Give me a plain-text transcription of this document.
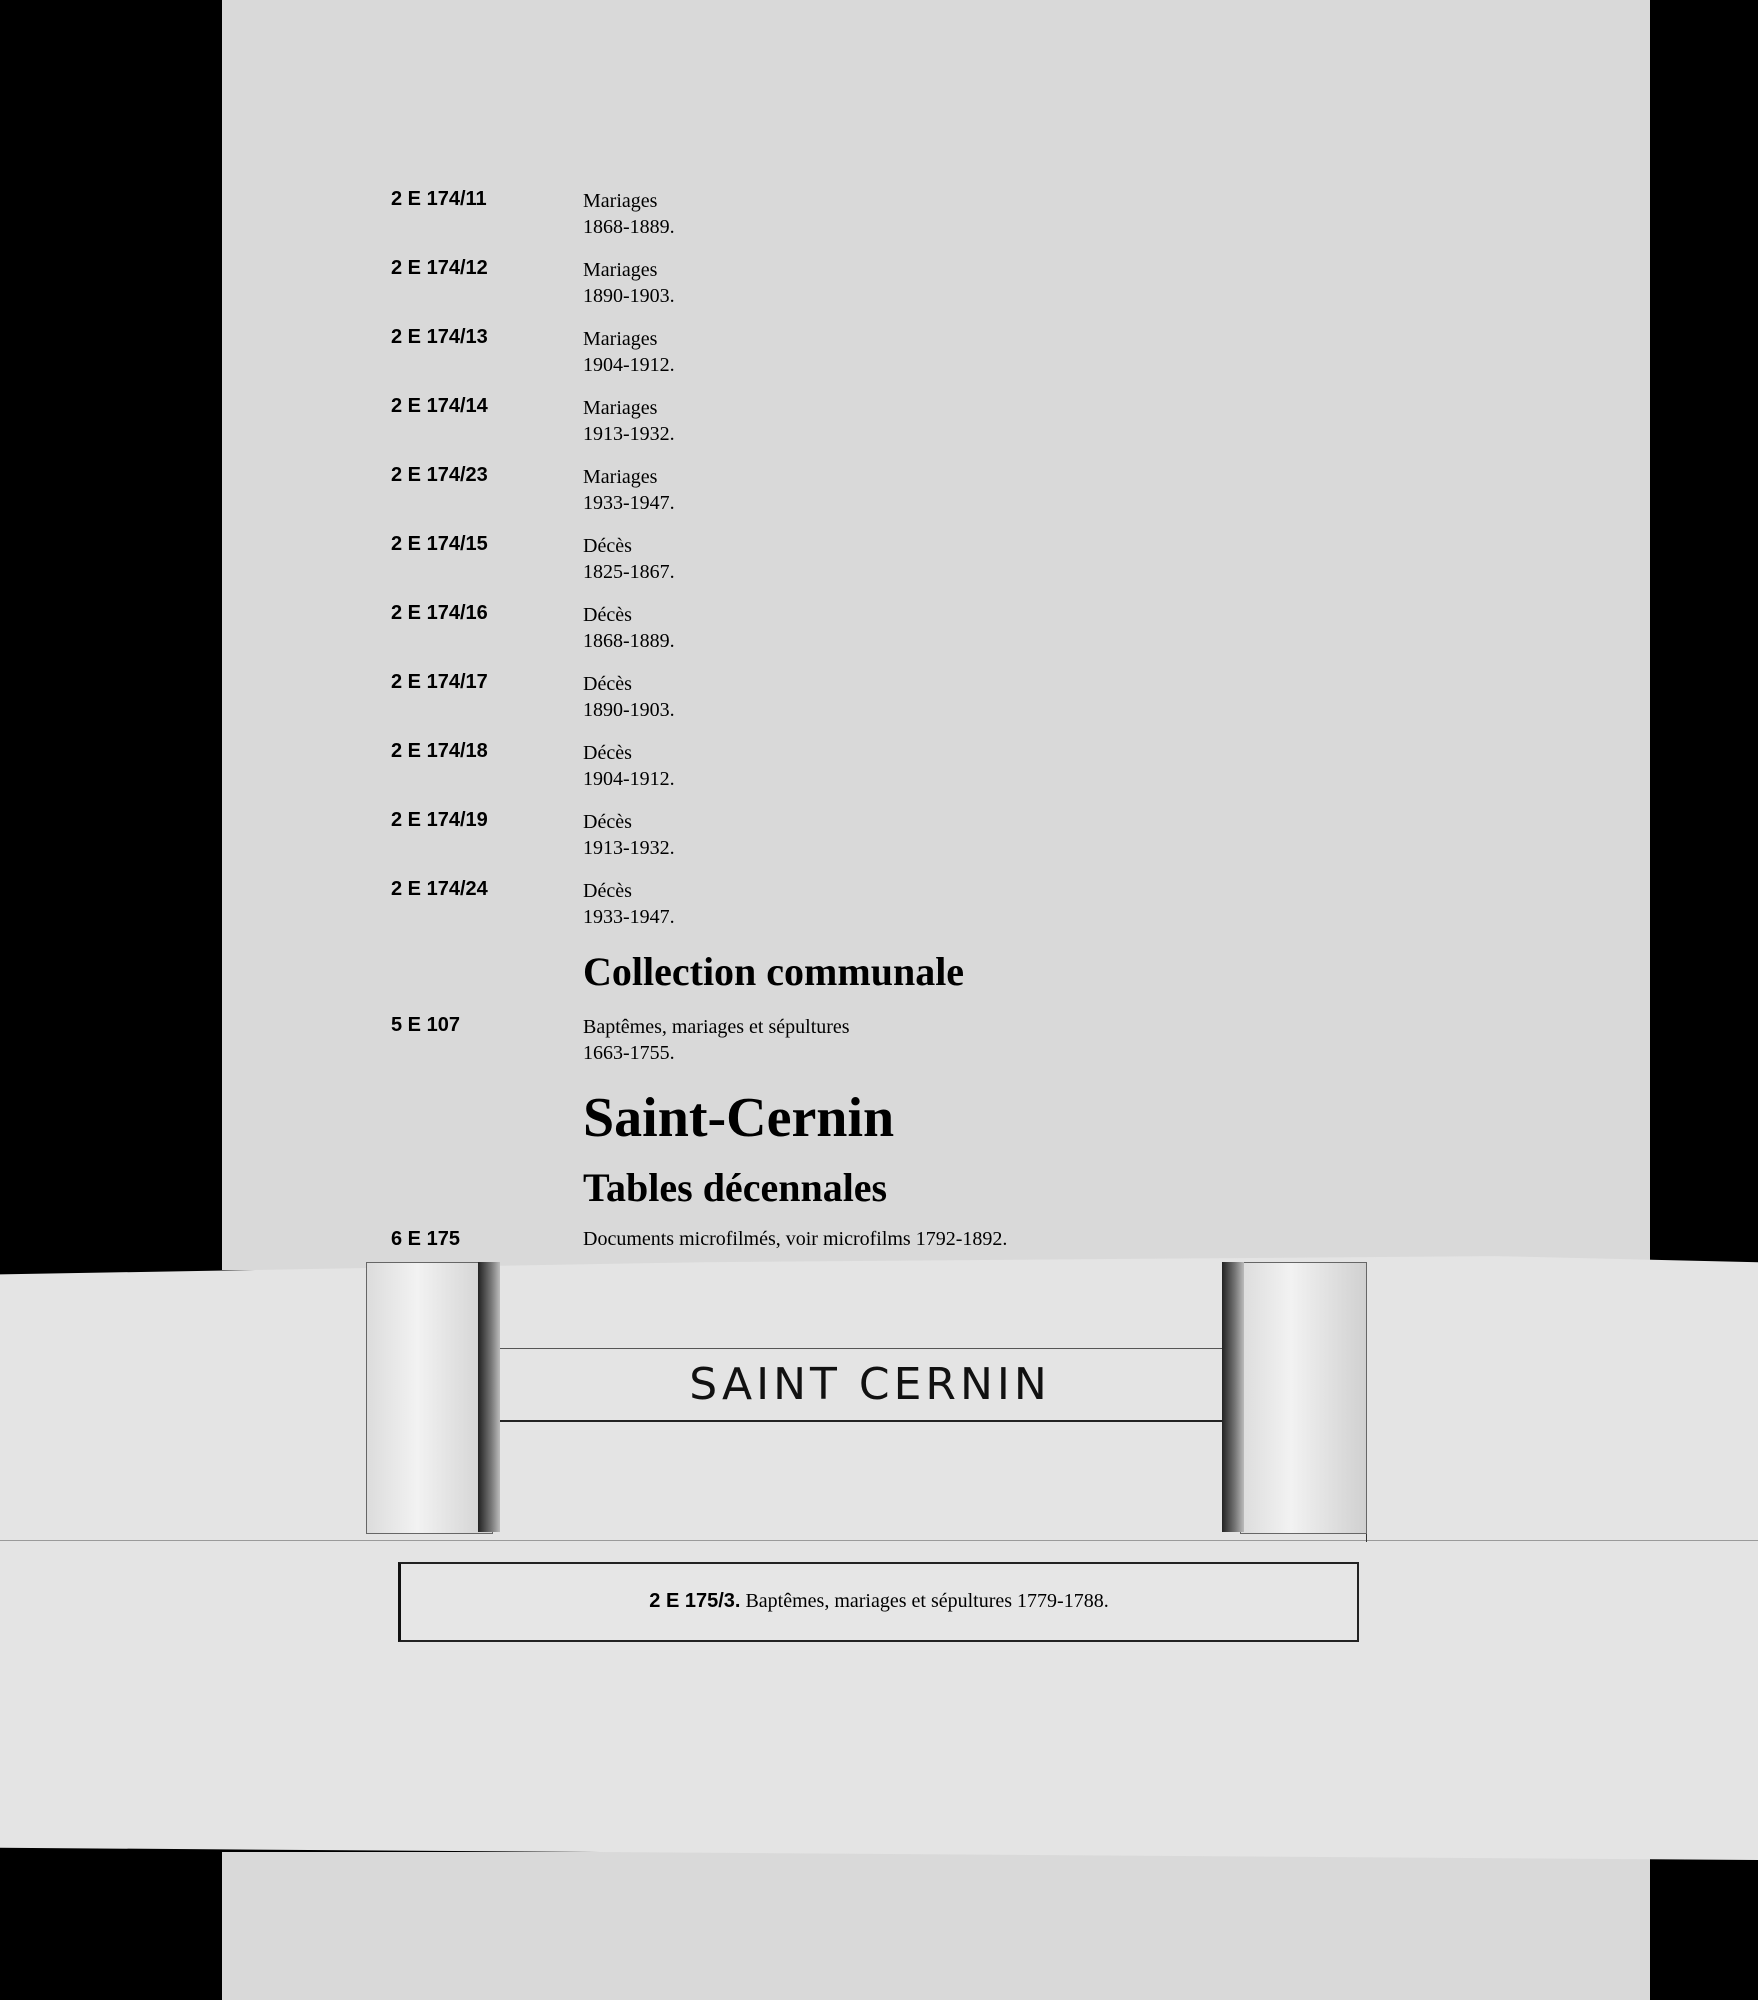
2 E 174/11	Mariages
1868-1889.
2 E 174/12	Mariages
1890-1903.
2 E 174/13	Mariages
1904-1912.
2 E 174/14	Mariages
1913-1932.
2 E 174/23	Mariages
1933-1947.
2 E 174/15	Décès
1825-1867.
2 E 174/16	Décès
1868-1889.
2 E 174/17	Décès
1890-1903.
2 E 174/18	Décès
1904-1912.
2 E 174/19	Décès
1913-1932.
2 E 174/24	Décès
1933-1947.
Collection communale
5 E 107	Baptêmes, mariages et sépultures
1663-1755.
Saint-Cernin
Tables décennales
6 E 175	Documents microfilmés, voir microfilms 1792-1892.
SAINT CERNIN
2 E 175/3. Baptêmes, mariages et sépultures 1779-1788.
